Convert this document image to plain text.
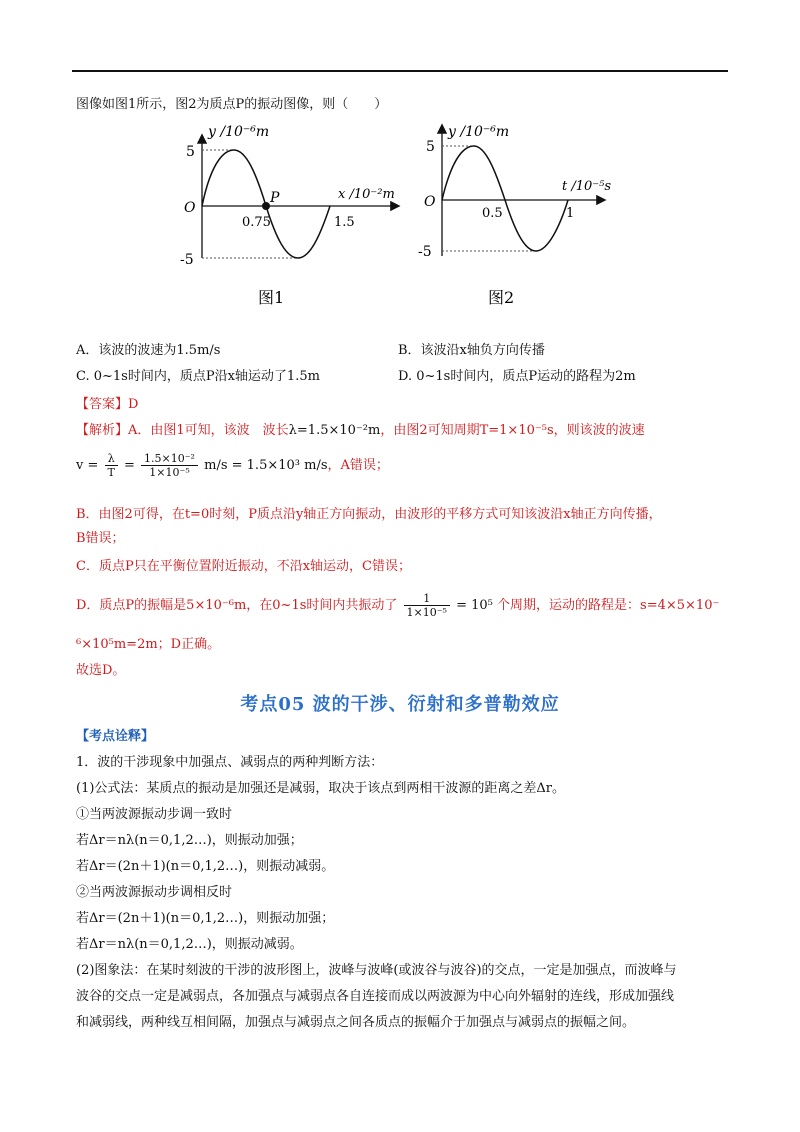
图像如图1所示，图2为质点P的振动图像，则（　　）
y /10⁻⁶m
x /10⁻²m
O
P
0.75	1.5
5
-5
图1
y /10⁻⁶m
t /10⁻⁵s
O
0.5	1
5
-5
图2
A．该波的波速为1.5m/s	B．该波沿x轴负方向传播
C. 0~1s时间内，质点P沿x轴运动了1.5m	D. 0~1s时间内，质点P运动的路程为2m
【答案】D
【解析】A．由图1可知，该波　波长λ=1.5×10⁻²m，由图2可知周期T=1×10⁻⁵s，则该波的波速
$v = \frac{\lambda}{T} = \frac{\text{1.5×10⁻²}}{\text{1×10⁻⁵}} m/s = 1.5\times 10^3$ m/s，A错误；
B．由图2可得，在t=0时刻，P质点沿y轴正方向振动，由波形的平移方式可知该波沿x轴正方向传播，
B错误；
C．质点P只在平衡位置附近振动，不沿x轴运动，C错误；
D．质点P的振幅是5×10⁻⁶m，在0~1s时间内共振动了 $\frac{1}{\text{1×10⁻⁵}} = 10^5$ 个周期，运动的路程是：s=4×5×10⁻
⁶×10⁵m=2m；D正确。
故选D。
考点05 波的干涉、衍射和多普勒效应
【考点诠释】
1．波的干涉现象中加强点、减弱点的两种判断方法：
(1)公式法：某质点的振动是加强还是减弱，取决于该点到两相干波源的距离之差Δr。
①当两波源振动步调一致时
若Δr＝nλ(n＝0,1,2…)，则振动加强；
若Δr＝(2n＋1)(n＝0,1,2…)，则振动减弱。
②当两波源振动步调相反时
若Δr＝(2n＋1)(n＝0,1,2…)，则振动加强；
若Δr＝nλ(n＝0,1,2…)，则振动减弱。
(2)图象法：在某时刻波的干涉的波形图上，波峰与波峰(或波谷与波谷)的交点，一定是加强点，而波峰与
波谷的交点一定是减弱点，各加强点与减弱点各自连接而成以两波源为中心向外辐射的连线，形成加强线
和减弱线，两种线互相间隔，加强点与减弱点之间各质点的振幅介于加强点与减弱点的振幅之间。
